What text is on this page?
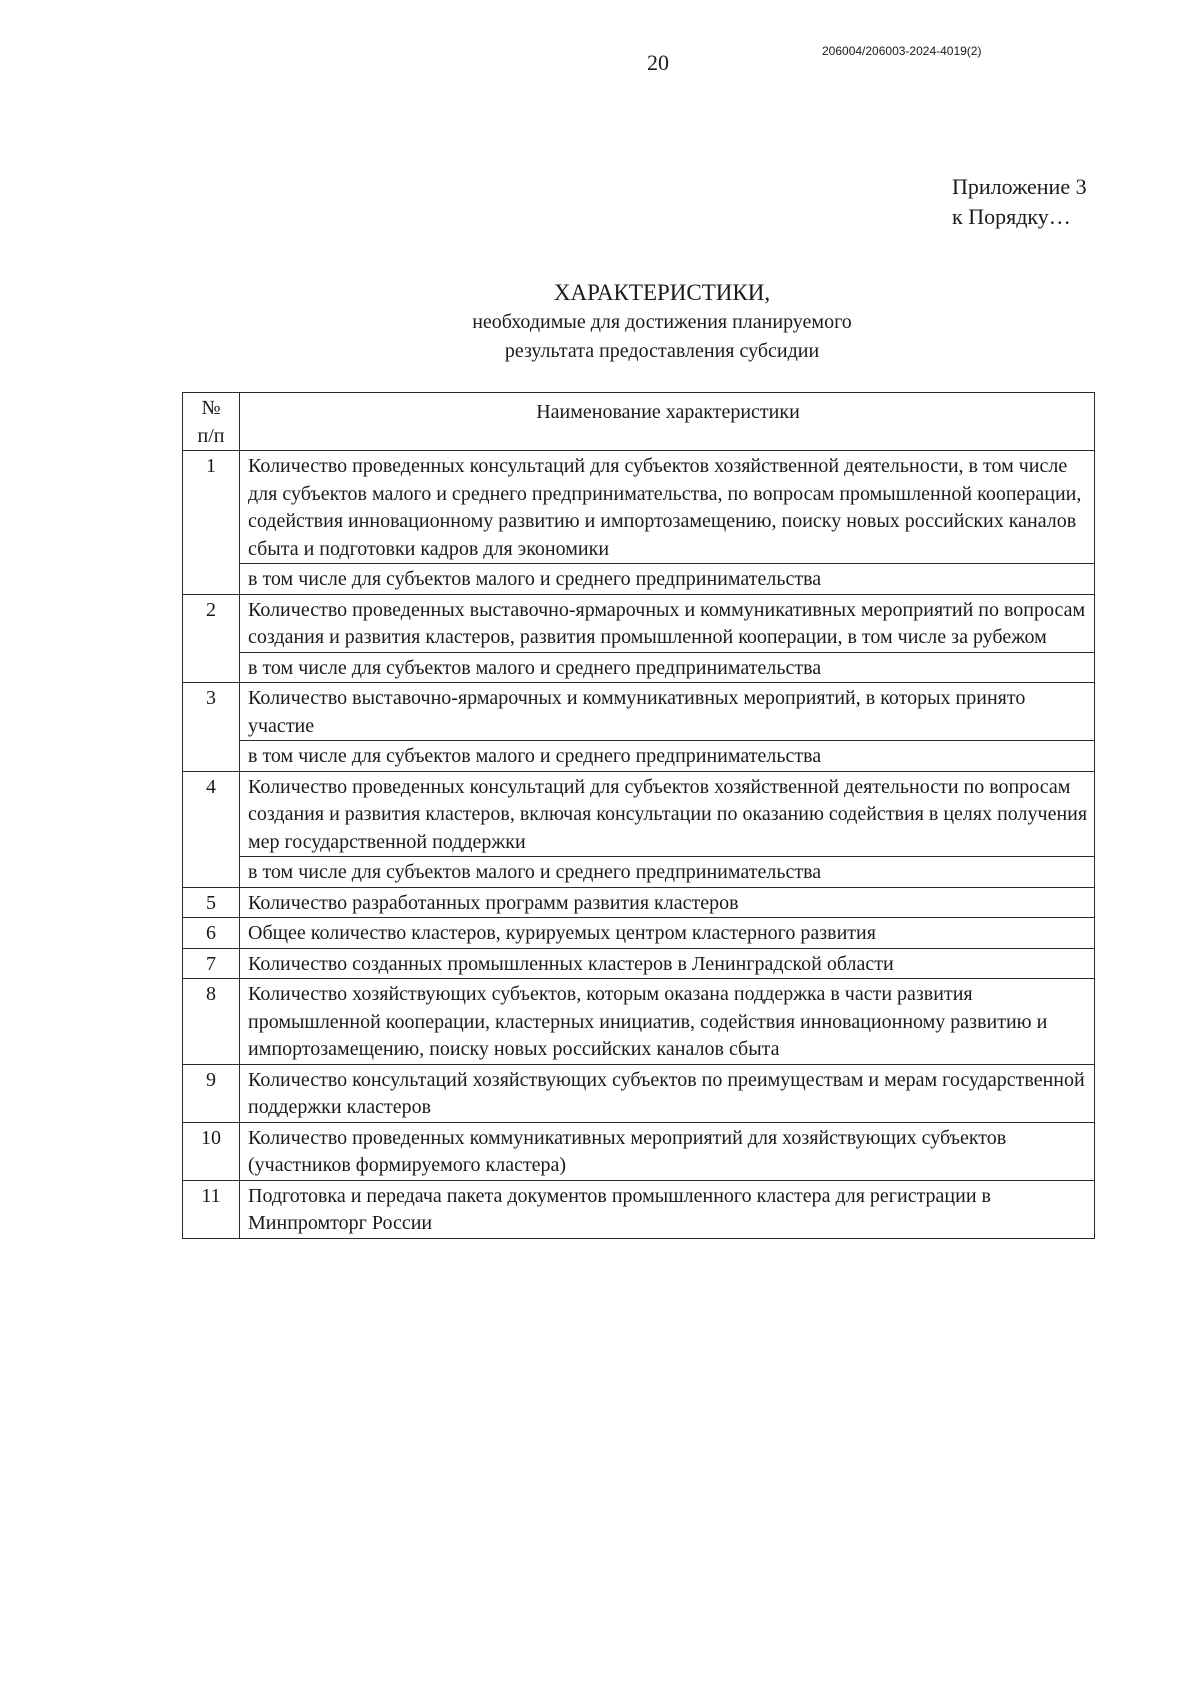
20	206004/206003-2024-4019(2)
Приложение 3
к Порядку…
ХАРАКТЕРИСТИКИ,
необходимые для достижения планируемого
результата предоставления субсидии
№
п/п	Наименование характеристики
1	Количество проведенных консультаций для субъектов хозяйственной деятельности, в том числе для субъектов малого и среднего предпринимательства, по вопросам промышленной кооперации, содействия инновационному развитию и импортозамещению, поиску новых российских каналов сбыта и подготовки кадров для экономики
	в том числе для субъектов малого и среднего предпринимательства
2	Количество проведенных выставочно-ярмарочных и коммуникативных мероприятий по вопросам создания и развития кластеров, развития промышленной кооперации, в том числе за рубежом
	в том числе для субъектов малого и среднего предпринимательства
3	Количество выставочно-ярмарочных и коммуникативных мероприятий, в которых принято участие
	в том числе для субъектов малого и среднего предпринимательства
4	Количество проведенных консультаций для субъектов хозяйственной деятельности по вопросам создания и развития кластеров, включая консультации по оказанию содействия в целях получения мер государственной поддержки
	в том числе для субъектов малого и среднего предпринимательства
5	Количество разработанных программ развития кластеров
6	Общее количество кластеров, курируемых центром кластерного развития
7	Количество созданных промышленных кластеров в Ленинградской области
8	Количество хозяйствующих субъектов, которым оказана поддержка в части развития промышленной кооперации, кластерных инициатив, содействия инновационному развитию и импортозамещению, поиску новых российских каналов сбыта
9	Количество консультаций хозяйствующих субъектов по преимуществам и мерам государственной поддержки кластеров
10	Количество проведенных коммуникативных мероприятий для хозяйствующих субъектов (участников формируемого кластера)
11	Подготовка и передача пакета документов промышленного кластера для регистрации в Минпромторг России
